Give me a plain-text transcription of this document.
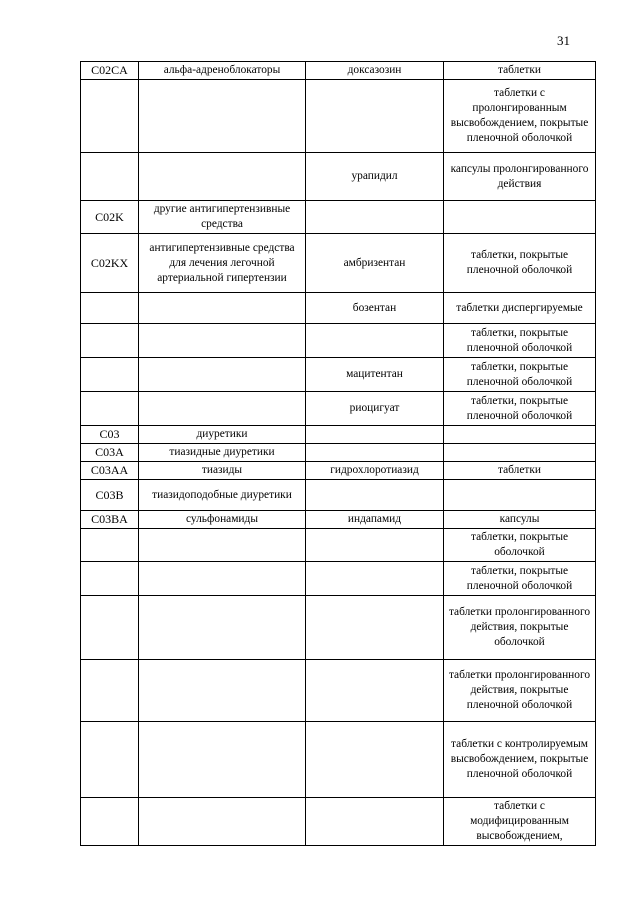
31
C02CA	альфа-адреноблокаторы	доксазозин	таблетки
			таблетки с пролонгированным высвобождением, покрытые пленочной оболочкой
		урапидил	капсулы пролонгированного действия
C02K	другие антигипертензивные средства		
C02KX	антигипертензивные средства для лечения легочной артериальной гипертензии	амбризентан	таблетки, покрытые пленочной оболочкой
		бозентан	таблетки диспергируемые
			таблетки, покрытые пленочной оболочкой
		мацитентан	таблетки, покрытые пленочной оболочкой
		риоцигуат	таблетки, покрытые пленочной оболочкой
C03	диуретики		
C03A	тиазидные диуретики		
C03AA	тиазиды	гидрохлоротиазид	таблетки
C03B	тиазидоподобные диуретики		
C03BA	сульфонамиды	индапамид	капсулы
			таблетки, покрытые оболочкой
			таблетки, покрытые пленочной оболочкой
			таблетки пролонгированного действия, покрытые оболочкой
			таблетки пролонгированного действия, покрытые пленочной оболочкой
			таблетки с контролируемым высвобождением, покрытые пленочной оболочкой
			таблетки с модифицированным высвобождением,
